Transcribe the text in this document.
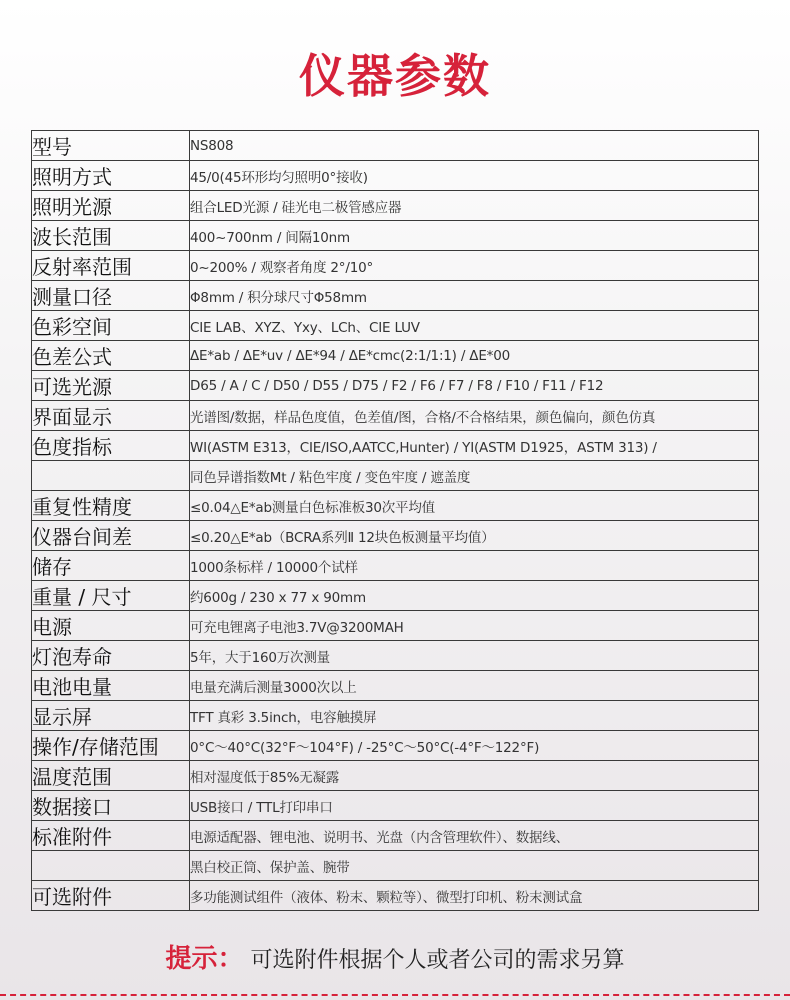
仪器参数
型号	NS808
照明方式	45/0(45环形均匀照明0°接收)
照明光源	组合LED光源 / 硅光电二极管感应器
波长范围	400~700nm / 间隔10nm
反射率范围	0~200% / 观察者角度 2°/10°
测量口径	Φ8mm / 积分球尺寸Φ58mm
色彩空间	CIE LAB、XYZ、Yxy、LCh、CIE LUV
色差公式	ΔE*ab / ΔE*uv / ΔE*94 / ΔE*cmc(2:1/1:1) / ΔE*00
可选光源	D65 / A / C / D50 / D55 / D75 / F2 / F6 / F7 / F8 / F10 / F11 / F12
界面显示	光谱图/数据，样品色度值，色差值/图，合格/不合格结果，颜色偏向，颜色仿真
色度指标	WI(ASTM E313，CIE/ISO,AATCC,Hunter) / YI(ASTM D1925，ASTM 313) /
	同色异谱指数Mt / 粘色牢度 / 变色牢度 / 遮盖度
重复性精度	≤0.04△E*ab测量白色标准板30次平均值
仪器台间差	≤0.20△E*ab（BCRA系列Ⅱ 12块色板测量平均值）
储存	1000条标样 / 10000个试样
重量 / 尺寸	约600g / 230 x 77 x 90mm
电源	可充电锂离子电池3.7V@3200MAH
灯泡寿命	5年，大于160万次测量
电池电量	电量充满后测量3000次以上
显示屏	TFT 真彩 3.5inch，电容触摸屏
操作/存储范围	0°C～40°C(32°F～104°F) / -25°C～50°C(-4°F～122°F)
温度范围	相对湿度低于85%无凝露
数据接口	USB接口 / TTL打印串口
标准附件	电源适配器、锂电池、说明书、光盘（内含管理软件）、数据线、
	黑白校正筒、保护盖、腕带
可选附件	多功能测试组件（液体、粉末、颗粒等）、微型打印机、粉末测试盒
提示： 可选附件根据个人或者公司的需求另算
